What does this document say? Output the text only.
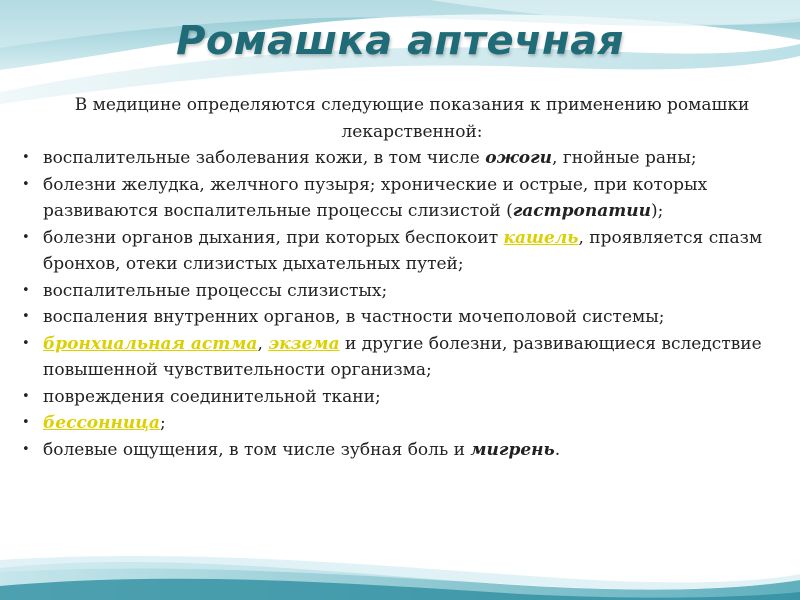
Ромашка аптечная
В медицине определяются следующие показания к применению ромашки лекарственной:
• воспалительные заболевания кожи, в том числе ожоги, гнойные раны;
• болезни желудка, желчного пузыря; хронические и острые, при которых развиваются воспалительные процессы слизистой (гастропатии);
• болезни органов дыхания, при которых беспокоит кашель, проявляется спазм бронхов, отеки слизистых дыхательных путей;
• воспалительные процессы слизистых;
• воспаления внутренних органов, в частности мочеполовой системы;
• бронхиальная астма, экзема и другие болезни, развивающиеся вследствие повышенной чувствительности организма;
• повреждения соединительной ткани;
• бессонница;
• болевые ощущения, в том числе зубная боль и мигрень.
